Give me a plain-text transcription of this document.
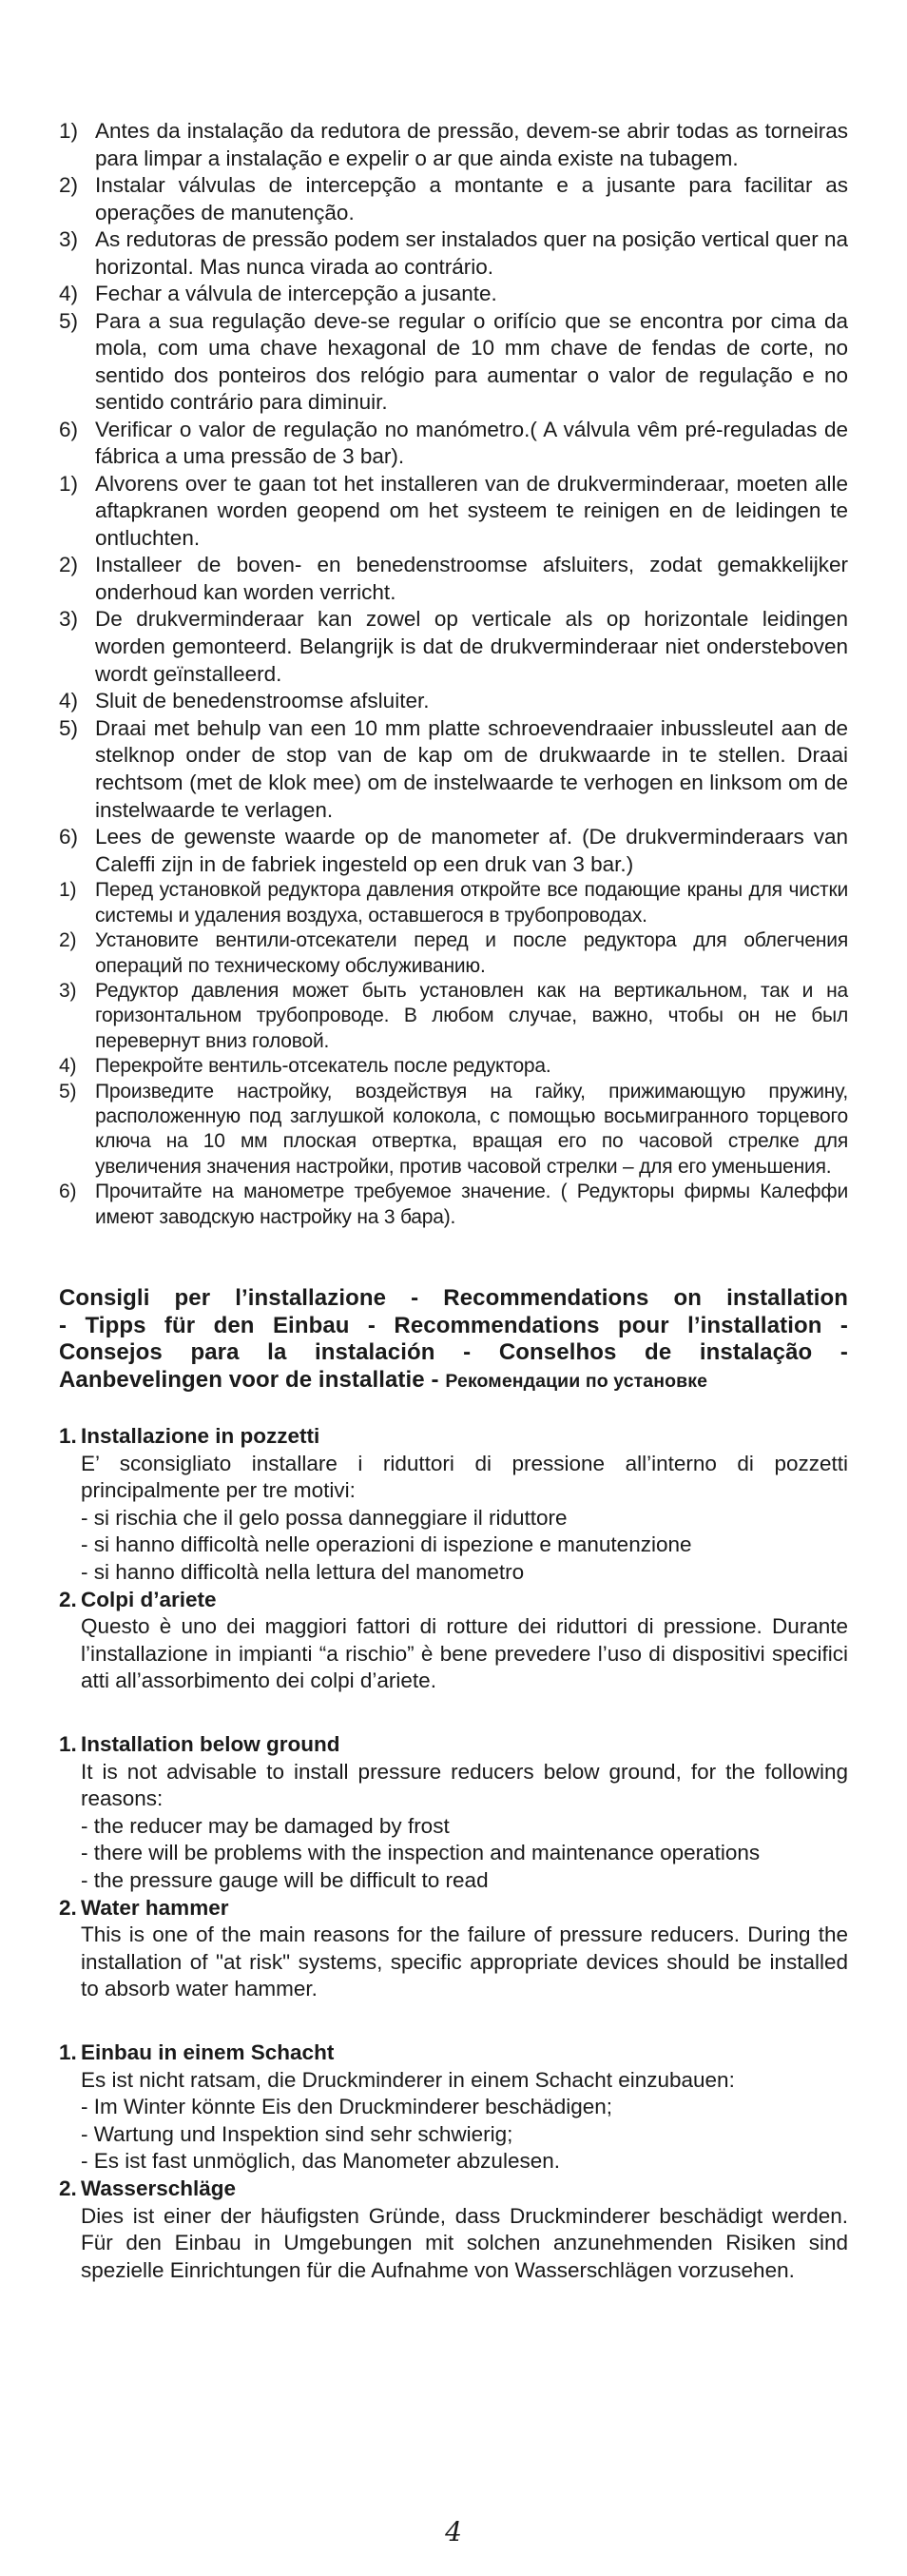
1) Antes da instalação da redutora de pressão, devem-se abrir todas as torneiras para limpar a instalação e expelir o ar que ainda existe na tubagem.
2) Instalar válvulas de intercepção a montante e a jusante para facilitar as operações de manutenção.
3) As redutoras de pressão podem ser instalados quer na posição vertical quer na horizontal. Mas nunca virada ao contrário.
4) Fechar a válvula de intercepção a jusante.
5) Para a sua regulação deve-se regular o orifício que se encontra por cima da mola, com uma chave hexagonal de 10 mm chave de fendas de corte, no sentido dos ponteiros dos relógio para aumentar o valor de regulação e no sentido contrário para diminuir.
6) Verificar o valor de regulação no manómetro.( A válvula vêm pré-reguladas de fábrica a uma pressão de 3 bar).
1) Alvorens over te gaan tot het installeren van de drukverminderaar, moeten alle aftapkranen worden geopend om het systeem te reinigen en de leidingen te ontluchten.
2) Installeer de boven- en benedenstroomse afsluiters, zodat gemakkelijker onderhoud kan worden verricht.
3) De drukverminderaar kan zowel op verticale als op horizontale leidingen worden gemonteerd. Belangrijk is dat de drukverminderaar niet ondersteboven wordt geïnstalleerd.
4) Sluit de benedenstroomse afsluiter.
5) Draai met behulp van een 10 mm platte schroevendraaier inbussleutel aan de stelknop onder de stop van de kap om de drukwaarde in te stellen. Draai rechtsom (met de klok mee) om de instelwaarde te verhogen en linksom om de instelwaarde te verlagen.
6) Lees de gewenste waarde op de manometer af. (De drukverminderaars van Caleffi zijn in de fabriek ingesteld op een druk van 3 bar.)
1) Перед установкой редуктора давления откройте все подающие краны для чистки системы и удаления воздуха, оставшегося в трубопроводах.
2) Установите вентили-отсекатели перед и после редуктора для облегчения операций по техническому обслуживанию.
3) Редуктор давления может быть установлен как на вертикальном, так и на горизонтальном трубопроводе. В любом случае, важно, чтобы он не был перевернут вниз головой.
4) Перекройте вентиль-отсекатель после редуктора.
5) Произведите настройку, воздействуя на гайку, прижимающую пружину, расположенную под заглушкой колокола, с помощью восьмигранного торцевого ключа на 10 мм плоская отвертка, вращая его по часовой стрелке для увеличения значения настройки, против часовой стрелки – для его уменьшения.
6) Прочитайте на манометре требуемое значение. ( Редукторы фирмы Калеффи имеют заводскую настройку на 3 бара).
Consigli per l’installazione - Recommendations on installation
- Tipps für den Einbau - Recommendations pour l’installation -
Consejos para la instalación - Conselhos de instalação -
Aanbevelingen voor de installatie - Рекомендации по установке
1. Installazione in pozzetti
E’ sconsigliato installare i riduttori di pressione all’interno di pozzetti principalmente per tre motivi:
- si rischia che il gelo possa danneggiare il riduttore
- si hanno difficoltà nelle operazioni di ispezione e manutenzione
- si hanno difficoltà nella lettura del manometro
2. Colpi d’ariete
Questo è uno dei maggiori fattori di rotture dei riduttori di pressione. Durante l’installazione in impianti “a rischio” è bene prevedere l’uso di dispositivi specifici atti all’assorbimento dei colpi d’ariete.
1. Installation below ground
It is not advisable to install pressure reducers below ground, for the following reasons:
- the reducer may be damaged by frost
- there will be problems with the inspection and maintenance operations
- the pressure gauge will be difficult to read
2. Water hammer
This is one of the main reasons for the failure of pressure reducers. During the installation of "at risk" systems, specific appropriate devices should be installed to absorb water hammer.
1. Einbau in einem Schacht
Es ist nicht ratsam, die Druckminderer in einem Schacht einzubauen:
- Im Winter könnte Eis den Druckminderer beschädigen;
- Wartung und Inspektion sind sehr schwierig;
- Es ist fast unmöglich, das Manometer abzulesen.
2. Wasserschläge
Dies ist einer der häufigsten Gründe, dass Druckminderer beschädigt werden. Für den Einbau in Umgebungen mit solchen anzunehmenden Risiken sind spezielle Einrichtungen für die Aufnahme von Wasserschlägen vorzusehen.
4
